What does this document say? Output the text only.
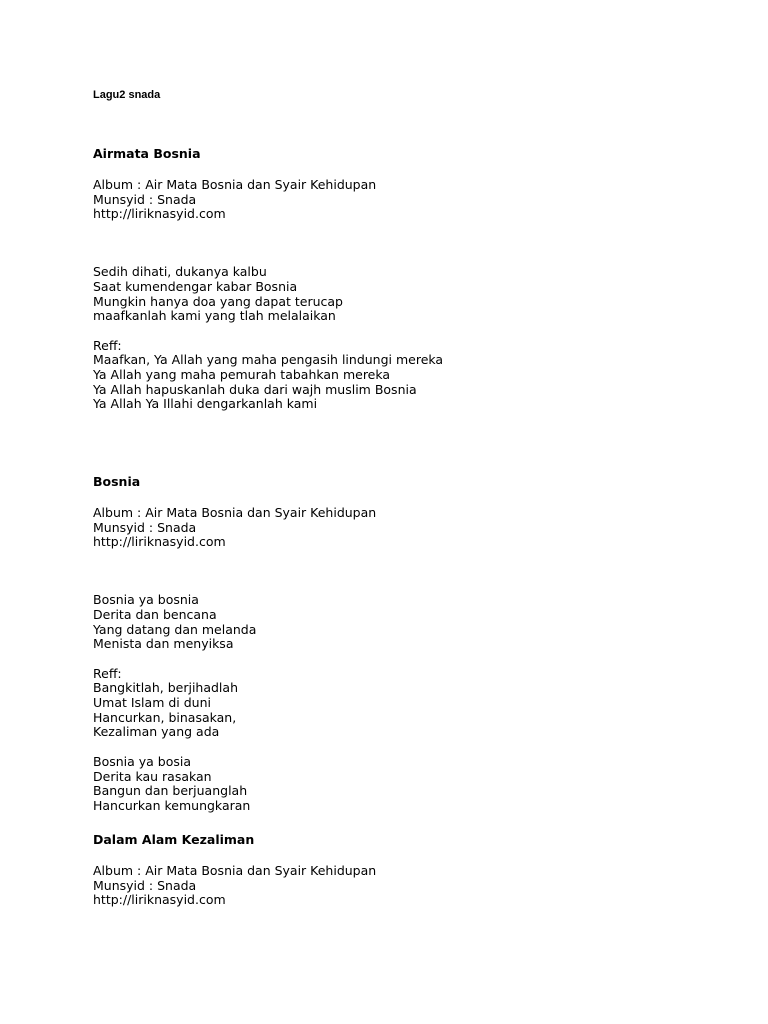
Lagu2 snada

Airmata Bosnia

Album : Air Mata Bosnia dan Syair Kehidupan

Munsyid : Snada

http://liriknasyid.com

Sedih dihati, dukanya kalbu

Saat kumendengar kabar Bosnia

Mungkin hanya doa yang dapat terucap

maafkanlah kami yang tlah melalaikan

Reff:

Maafkan, Ya Allah yang maha pengasih lindungi mereka

Ya Allah yang maha pemurah tabahkan mereka

Ya Allah hapuskanlah duka dari wajh muslim Bosnia

Ya Allah Ya Illahi dengarkanlah kami

Bosnia

Album : Air Mata Bosnia dan Syair Kehidupan

Munsyid : Snada

http://liriknasyid.com

Bosnia ya bosnia

Derita dan bencana

Yang datang dan melanda

Menista dan menyiksa

Reff:

Bangkitlah, berjihadlah

Umat Islam di duni

Hancurkan, binasakan,

Kezaliman yang ada

Bosnia ya bosia

Derita kau rasakan

Bangun dan berjuanglah

Hancurkan kemungkaran

Dalam Alam Kezaliman

Album : Air Mata Bosnia dan Syair Kehidupan

Munsyid : Snada

http://liriknasyid.com
